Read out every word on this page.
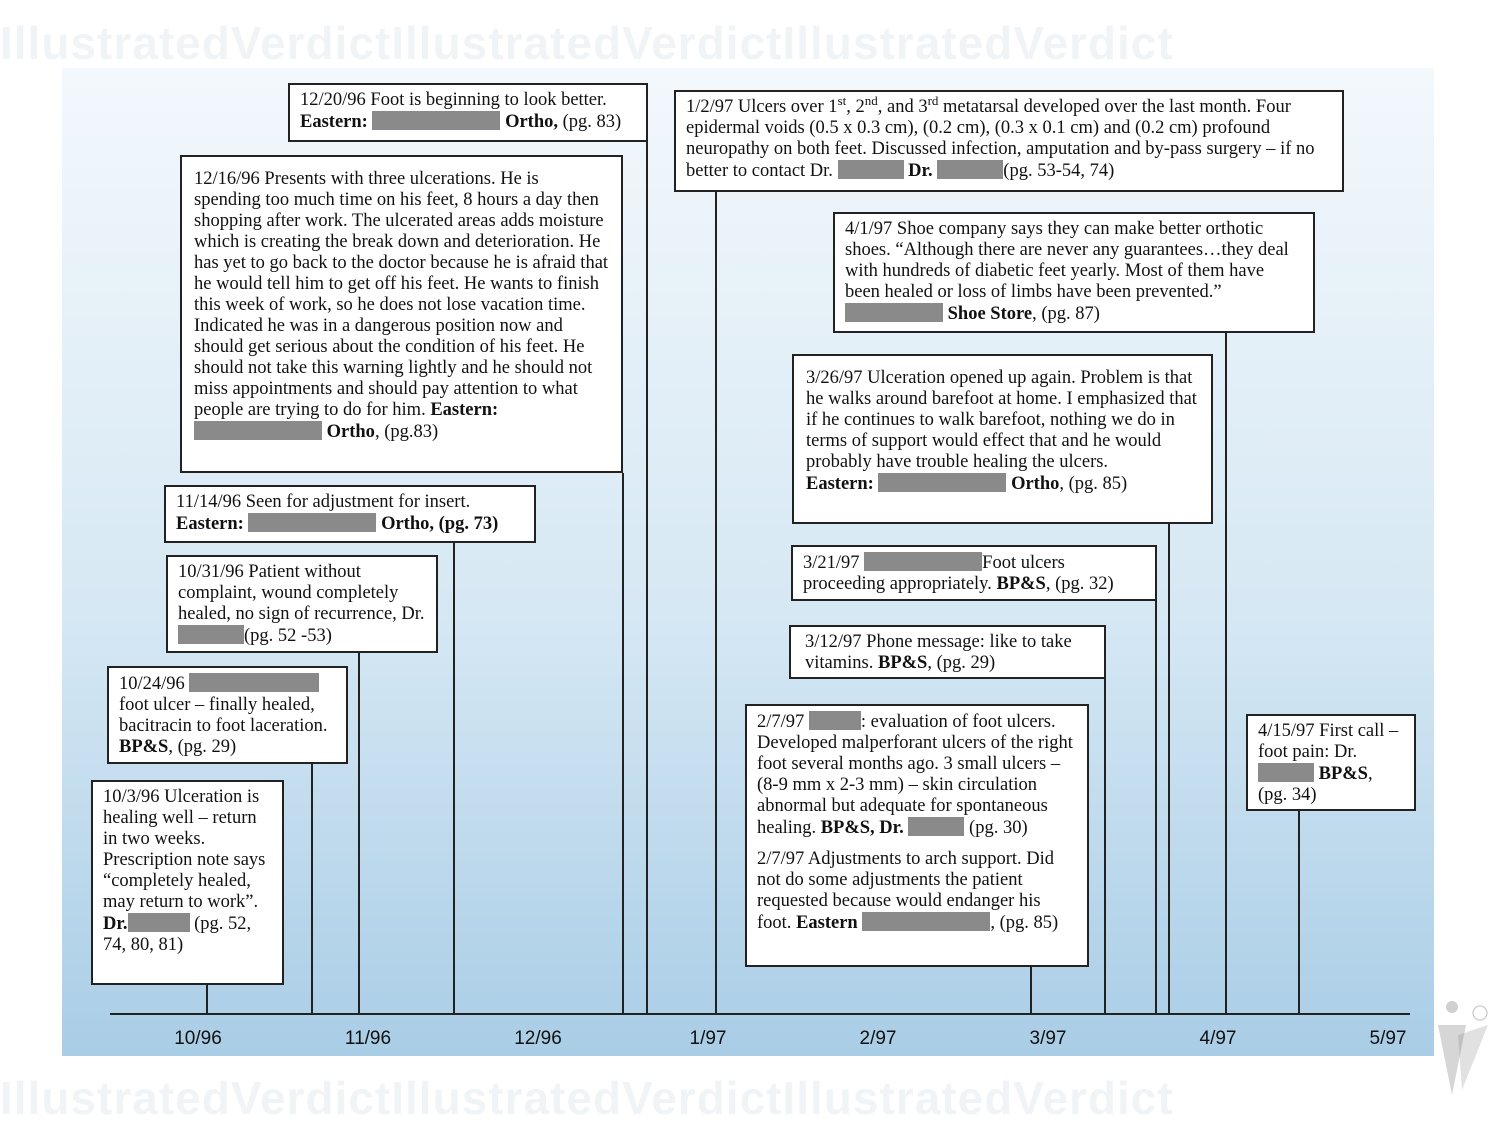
IllustratedVerdictIllustratedVerdictIllustratedVerdict
IllustratedVerdictIllustratedVerdictIllustratedVerdict
10/96	11/96	12/96	1/97	2/97	3/97	4/97	5/97
10/3/96 Ulceration is healing well – return in two weeks. Prescription note says “completely healed, may return to work”. Dr.	(pg. 52, 74, 80, 81)
10/24/96  foot ulcer – finally healed, bacitracin to foot laceration. BP&S, (pg. 29)
10/31/96 Patient without complaint, wound completely healed, no sign of recurrence, Dr.(pg. 52 -53)
11/14/96 Seen for adjustment for insert.
Eastern:	Ortho, (pg. 73)
12/16/96 Presents with three ulcerations. He is spending too much time on his feet, 8 hours a day then shopping after work. The ulcerated areas adds moisture which is creating the break down and deterioration. He has yet to go back to the doctor because he is afraid that he would tell him to get off his feet. He wants to finish this week of work, so he does not lose vacation time. Indicated he was in a dangerous position now and should get serious about the condition of his feet. He should not take this warning lightly and he should not miss appointments and should pay attention to what people are trying to do for him. Eastern:  Ortho, (pg.83)
12/20/96 Foot is beginning to look better.
Eastern:	Ortho, (pg. 83)
1/2/97 Ulcers over 1st, 2nd, and 3rd metatarsal developed over the last month. Four epidermal voids (0.5 x 0.3 cm), (0.2 cm), (0.3 x 0.1 cm) and (0.2 cm) profound neuropathy on both feet. Discussed infection, amputation and by-pass surgery – if no better to contact Dr.	Dr.	(pg. 53-54, 74)
2/7/97	: evaluation of foot ulcers. Developed malperforant ulcers of the right foot several months ago. 3 small ulcers – (8-9 mm x 2-3 mm) – skin circulation abnormal but adequate for spontaneous healing. BP&S, Dr.	(pg. 30)
2/7/97 Adjustments to arch support. Did not do some adjustments the patient requested because would endanger his foot. Eastern	, (pg. 85)
3/12/97 Phone message: like to take vitamins. BP&S, (pg. 29)
3/21/97	Foot ulcers proceeding appropriately. BP&S, (pg. 32)
3/26/97 Ulceration opened up again. Problem is that he walks around barefoot at home. I emphasized that if he continues to walk barefoot, nothing we do in terms of support would effect that and he would probably have trouble healing the ulcers.
Eastern:	Ortho, (pg. 85)
4/1/97 Shoe company says they can make better orthotic shoes. “Although there are never any guarantees…they deal with hundreds of diabetic feet yearly. Most of them have been healed or loss of limbs have been prevented.”
Shoe Store, (pg. 87)
4/15/97 First call – foot pain: Dr.  BP&S, (pg. 34)
